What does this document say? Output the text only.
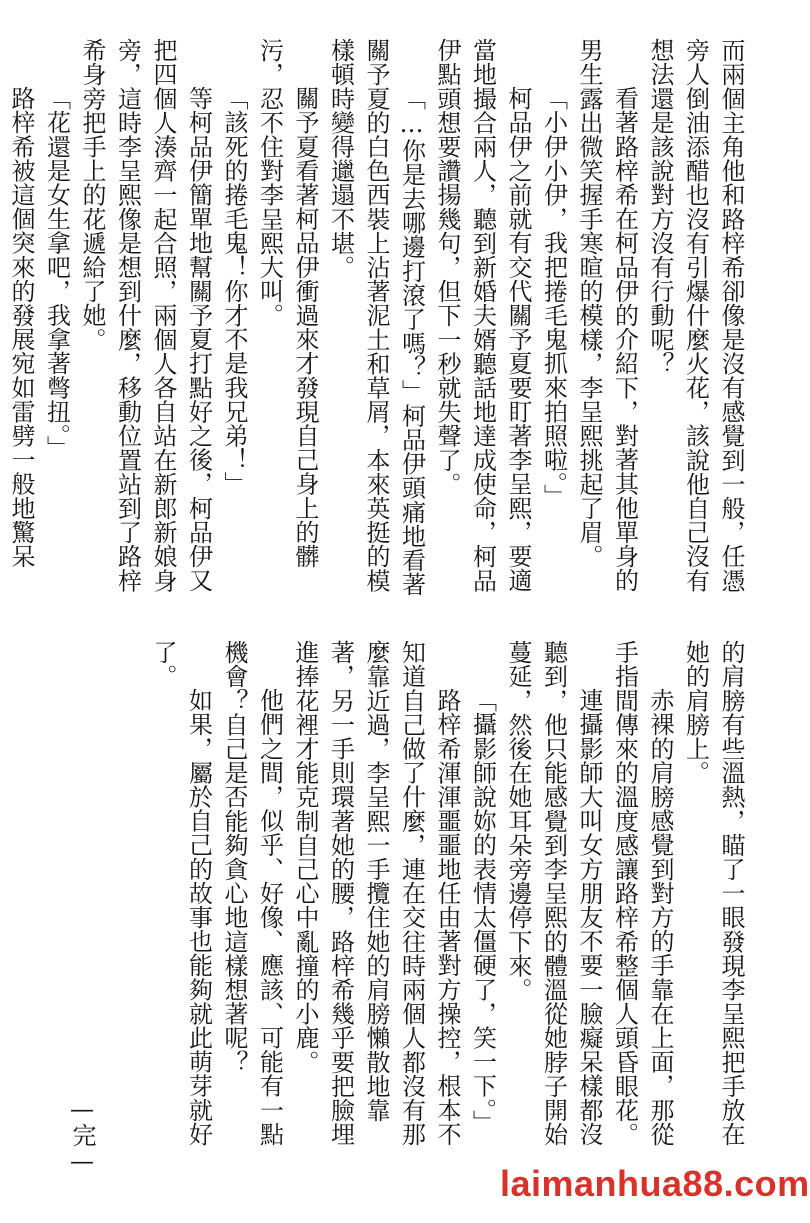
而兩個主角他和路梓希卻像是沒有感覺到一般，任憑旁人倒油添醋也沒有引爆什麼火花，該說他自己沒有想法還是該說對方沒有行動呢？

看著路梓希在柯品伊的介紹下，對著其他單身的男生露出微笑握手寒暄的模樣，李呈熙挑起了眉。

「小伊小伊，我把捲毛鬼抓來拍照啦。」

柯品伊之前就有交代關予夏要盯著李呈熙，要適當地撮合兩人，聽到新婚夫婿聽話地達成使命，柯品伊點頭想要讚揚幾句，但下一秒就失聲了。

「…你是去哪邊打滾了嗎？」柯品伊頭痛地看著關予夏的白色西裝上沾著泥土和草屑，本來英挺的模樣頓時變得邋遢不堪。

關予夏看著柯品伊衝過來才發現自己身上的髒污，忍不住對李呈熙大叫。

「該死的捲毛鬼！你才不是我兄弟！」

等柯品伊簡單地幫關予夏打點好之後，柯品伊又把四個人湊齊一起合照，兩個人各自站在新郎新娘身旁，這時李呈熙像是想到什麼，移動位置站到了路梓希身旁把手上的花遞給了她。

「花還是女生拿吧，我拿著彆扭。」

路梓希被這個突來的發展宛如雷劈一般地驚呆

的肩膀有些溫熱，瞄了一眼發現李呈熙把手放在她的肩膀上。

赤裸的肩膀感覺到對方的手靠在上面，那從手指間傳來的溫度感讓路梓希整個人頭昏眼花。

連攝影師大叫女方朋友不要一臉癡呆樣都沒聽到，他只能感覺到李呈熙的體溫從她脖子開始蔓延，然後在她耳朵旁邊停下來。

「攝影師說妳的表情太僵硬了，笑一下。」

路梓希渾渾噩噩地任由著對方操控，根本不知道自己做了什麼，連在交往時兩個人都沒有那麼靠近過，李呈熙一手攬住她的肩膀懶散地靠著，另一手則環著她的腰，路梓希幾乎要把臉埋進捧花裡才能克制自己心中亂撞的小鹿。

他們之間，似乎、好像、應該、可能有一點機會？自己是否能夠貪心地這樣想著呢？

如果，屬於自己的故事也能夠就此萌芽就好了。

—完—
laimanhua88.com
